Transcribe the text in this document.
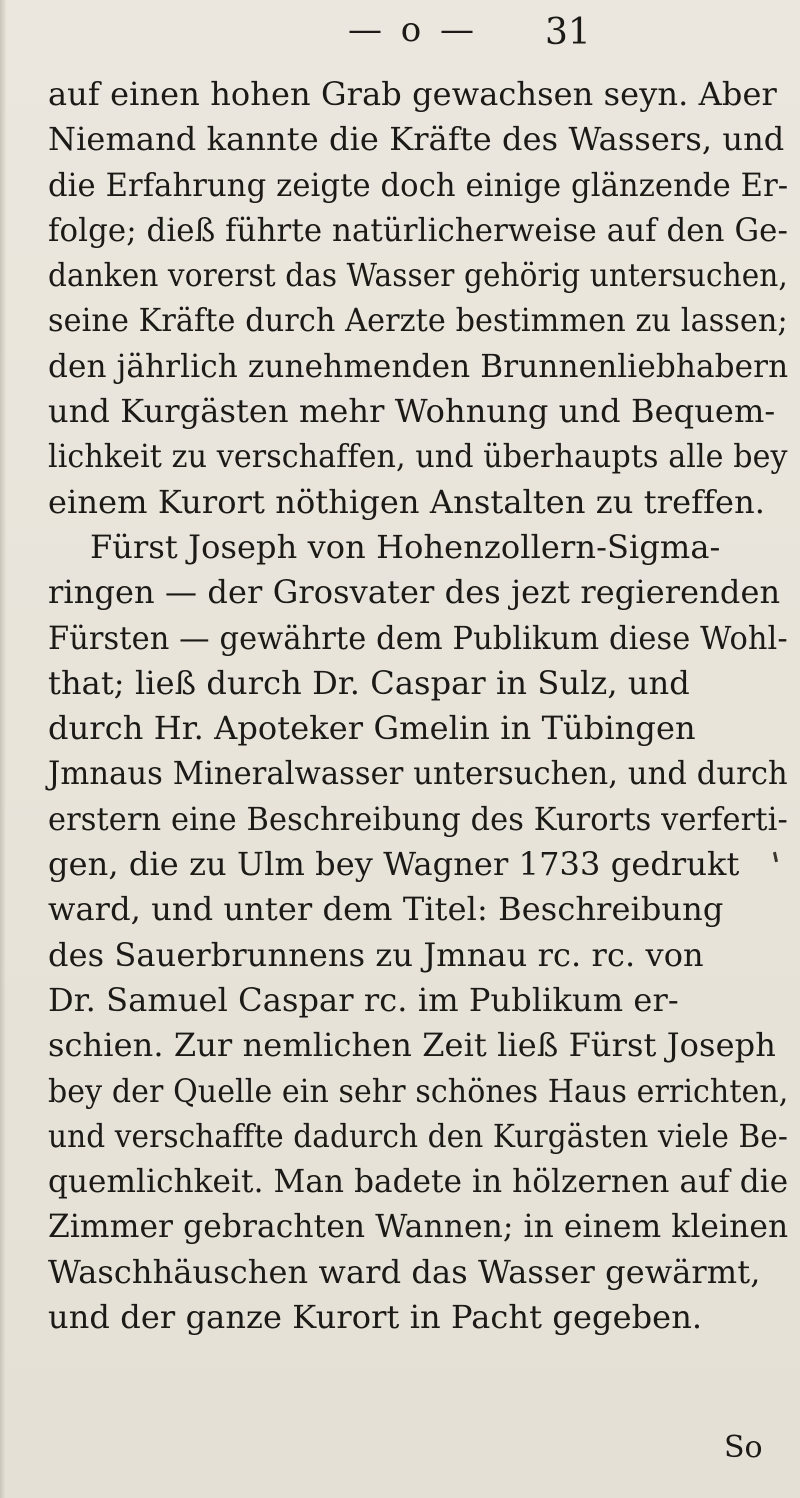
— o —	31
auf einen hohen Grab gewachsen seyn. Aber
Niemand kannte die Kräfte des Wassers, und
die Erfahrung zeigte doch einige glänzende Er-
folge; dieß führte natürlicherweise auf den Ge-
danken vorerst das Wasser gehörig untersuchen,
seine Kräfte durch Aerzte bestimmen zu lassen;
den jährlich zunehmenden Brunnenliebhabern
und Kurgästen mehr Wohnung und Bequem-
lichkeit zu verschaffen, und überhaupts alle bey
einem Kurort nöthigen Anstalten zu treffen.
Fürst Joseph von Hohenzollern-Sigma-
ringen — der Grosvater des jezt regierenden
Fürsten — gewährte dem Publikum diese Wohl-
that; ließ durch Dr. Caspar in Sulz, und
durch Hr. Apoteker Gmelin in Tübingen
Jmnaus Mineralwasser untersuchen, und durch
erstern eine Beschreibung des Kurorts verferti-
gen, die zu Ulm bey Wagner 1733 gedrukt
ward, und unter dem Titel: Beschreibung
des Sauerbrunnens zu Jmnau rc. rc. von
Dr. Samuel Caspar rc. im Publikum er-
schien. Zur nemlichen Zeit ließ Fürst Joseph
bey der Quelle ein sehr schönes Haus errichten,
und verschaffte dadurch den Kurgästen viele Be-
quemlichkeit. Man badete in hölzernen auf die
Zimmer gebrachten Wannen; in einem kleinen
Waschhäuschen ward das Wasser gewärmt,
und der ganze Kurort in Pacht gegeben.
So
